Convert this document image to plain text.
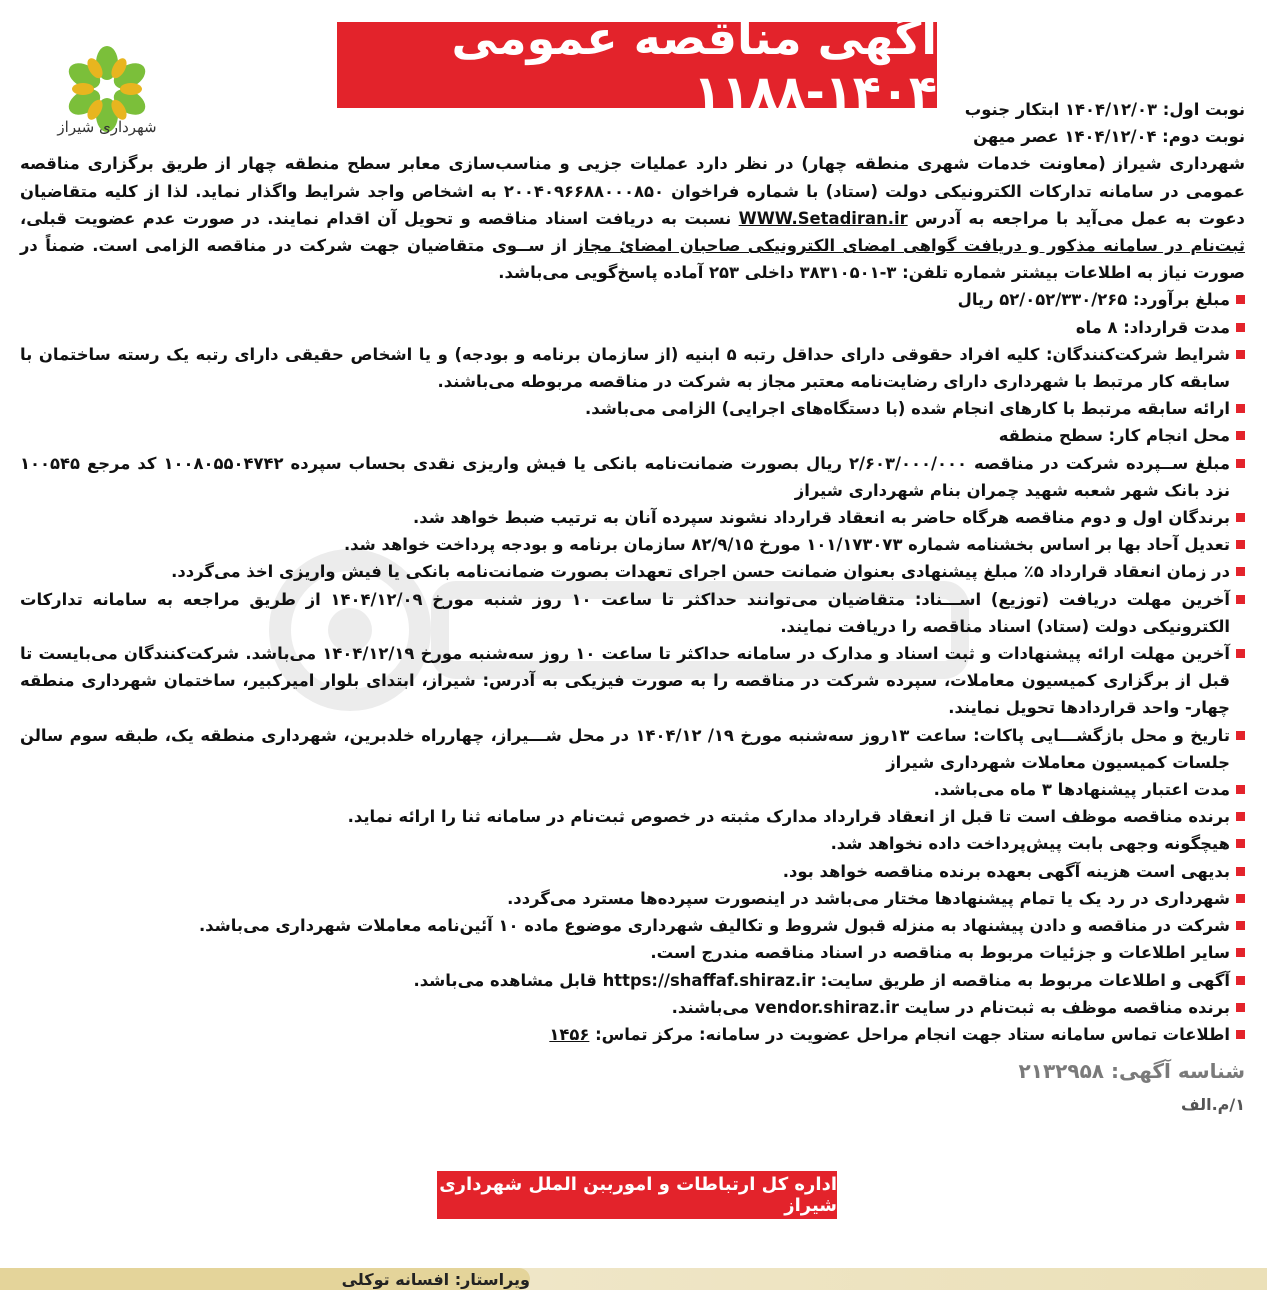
شهرداری شیراز
آگهی مناقصه عمومی ۱۴۰۴-۱۱۸۸	نوبت اول: ۱۴۰۴/۱۲/۰۳ ابتکار جنوب
نوبت دوم: ۱۴۰۴/۱۲/۰۴ عصر میهن

شهرداری شیراز (معاونت خدمات شهری منطقه چهار) در نظر دارد عملیات جزیی و مناسب‌سازی معابر سطح منطقه چهار از طریق برگزاری مناقصه عمومی در سامانه تدارکات الکترونیکی دولت (ستاد) با شماره فراخوان ۲۰۰۴۰۹۶۶۸۸۰۰۰۸۵۰ به اشخاص واجد شرایط واگذار نماید. لذا از کلیه متقاضیان دعوت به عمل می‌آید با مراجعه به آدرس WWW.Setadiran.ir نسبت به دریافت اسناد مناقصه و تحویل آن اقدام نمایند. در صورت عدم عضویت قبلی، ثبت‌نام در سامانه مذکور و دریافت گواهی امضای الکترونیکی صاحبان امضائ مجاز از ســوی متقاضیان جهت شرکت در مناقصه الزامی است. ضمناً در صورت نیاز به اطلاعات بیشتر شماره تلفن: ۳-۳۸۳۱۰۵۰۱ داخلی ۲۵۳ آماده پاسخ‌گویی می‌باشد.

مبلغ برآورد: ۵۲/۰۵۲/۳۳۰/۲۶۵ ریال

مدت قرارداد: ۸ ماه

شرایط شرکت‌کنندگان: کلیه افراد حقوقی دارای حداقل رتبه ۵ ابنیه (از سازمان برنامه و بودجه) و یا اشخاص حقیقی دارای رتبه یک رسته ساختمان با سابقه کار مرتبط با شهرداری دارای رضایت‌نامه معتبر مجاز به شرکت در مناقصه مربوطه می‌باشند.

ارائه سابقه مرتبط با کارهای انجام شده (با دستگاه‌های اجرایی) الزامی می‌باشد.

محل انجام کار: سطح منطقه

مبلغ ســپرده شرکت در مناقصه ۲/۶۰۳/۰۰۰/۰۰۰ ریال بصورت ضمانت‌نامه بانکی یا فیش واریزی نقدی بحساب سپرده ۱۰۰۸۰۵۵۰۴۷۴۲ کد مرجع ۱۰۰۵۴۵ نزد بانک شهر شعبه شهید چمران بنام شهرداری شیراز

برندگان اول و دوم مناقصه هرگاه حاضر به انعقاد قرارداد نشوند سپرده آنان به ترتیب ضبط خواهد شد.

تعدیل آحاد بها بر اساس بخشنامه شماره ۱۰۱/۱۷۳۰۷۳ مورخ ۸۲/۹/۱۵ سازمان برنامه و بودجه پرداخت خواهد شد.

در زمان انعقاد قرارداد ۵٪ مبلغ پیشنهادی بعنوان ضمانت حسن اجرای تعهدات بصورت ضمانت‌نامه بانکی یا فیش واریزی اخذ می‌گردد.

آخرین مهلت دریافت (توزیع) اســـناد: متقاضیان می‌توانند حداکثر تا ساعت ۱۰ روز شنبه مورخ ۱۴۰۴/۱۲/۰۹ از طریق مراجعه به سامانه تدارکات الکترونیکی دولت (ستاد) اسناد مناقصه را دریافت نمایند.

آخرین مهلت ارائه پیشنهادات و ثبت اسناد و مدارک در سامانه حداکثر تا ساعت ۱۰ روز سه‌شنبه مورخ ۱۴۰۴/۱۲/۱۹ می‌باشد. شرکت‌کنندگان می‌بایست تا قبل از برگزاری کمیسیون معاملات، سپرده شرکت در مناقصه را به صورت فیزیکی به آدرس: شیراز، ابتدای بلوار امیرکبیر، ساختمان شهرداری منطقه چهار- واحد قراردادها تحویل نمایند.

تاریخ و محل بازگشـــایی پاکات: ساعت ۱۳روز سه‌شنبه مورخ ۱۹/ ۱۴۰۴/۱۲ در محل شـــیراز، چهارراه خلدبرین، شهرداری منطقه یک، طبقه سوم سالن جلسات کمیسیون معاملات شهرداری شیراز

مدت اعتبار پیشنهادها ۳ ماه می‌باشد.

برنده مناقصه موظف است تا قبل از انعقاد قرارداد مدارک مثبته در خصوص ثبت‌نام در سامانه ثنا را ارائه نماید.

هیچگونه وجهی بابت پیش‌پرداخت داده نخواهد شد.

بدیهی است هزینه آگهی بعهده برنده مناقصه خواهد بود.

شهرداری در رد یک یا تمام پیشنهادها مختار می‌باشد در اینصورت سپرده‌ها مسترد می‌گردد.

شرکت در مناقصه و دادن پیشنهاد به منزله قبول شروط و تکالیف شهرداری موضوع ماده ۱۰ آئین‌نامه معاملات شهرداری می‌باشد.

سایر اطلاعات و جزئیات مربوط به مناقصه در اسناد مناقصه مندرج است.

آگهی و اطلاعات مربوط به مناقصه از طریق سایت: https://shaffaf.shiraz.ir قابل مشاهده می‌باشد.

برنده مناقصه موظف به ثبت‌نام در سایت vendor.shiraz.ir می‌باشند.

اطلاعات تماس سامانه ستاد جهت انجام مراحل عضویت در سامانه: مرکز تماس: ۱۴۵۶

شناسه آگهی: ۲۱۳۲۹۵۸
۱/م.الف
اداره کل ارتباطات و امورببن الملل شهرداری شیراز
ویراستار: افسانه توکلی
